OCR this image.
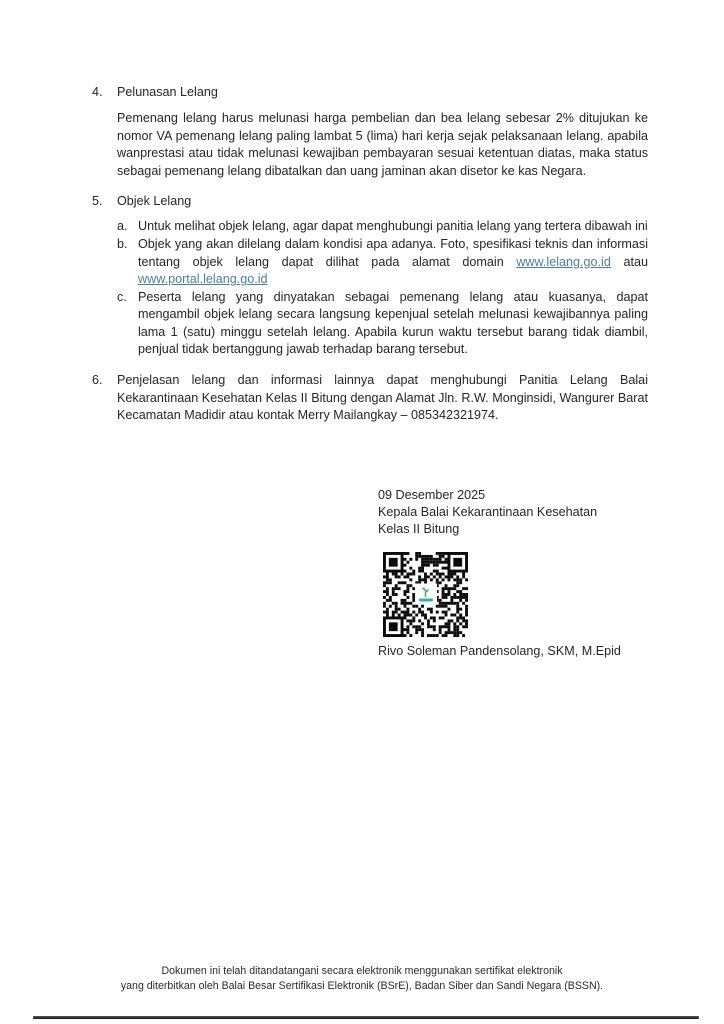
4.	Pelunasan Lelang
Pemenang lelang harus melunasi harga pembelian dan bea lelang sebesar 2% ditujukan ke nomor VA pemenang lelang paling lambat 5 (lima) hari kerja sejak pelaksanaan lelang. apabila wanprestasi atau tidak melunasi kewajiban pembayaran sesuai ketentuan diatas, maka status sebagai pemenang lelang dibatalkan dan uang jaminan akan disetor ke kas Negara.
5.	Objek Lelang
a. Untuk melihat objek lelang, agar dapat menghubungi panitia lelang yang tertera dibawah ini
b. Objek yang akan dilelang dalam kondisi apa adanya. Foto, spesifikasi teknis dan informasi tentang objek lelang dapat dilihat pada alamat domain www.lelang.go.id atau www.portal.lelang.go.id
c. Peserta lelang yang dinyatakan sebagai pemenang lelang atau kuasanya, dapat mengambil objek lelang secara langsung kepenjual setelah melunasi kewajibannya paling lama 1 (satu) minggu setelah lelang. Apabila kurun waktu tersebut barang tidak diambil, penjual tidak bertanggung jawab terhadap barang tersebut.
6.	Penjelasan lelang dan informasi lainnya dapat menghubungi Panitia Lelang Balai Kekarantinaan Kesehatan Kelas II Bitung dengan Alamat Jln. R.W. Monginsidi, Wangurer Barat Kecamatan Madidir atau kontak Merry Mailangkay – 085342321974.
09 Desember 2025
Kepala Balai Kekarantinaan Kesehatan
Kelas II Bitung
Rivo Soleman Pandensolang, SKM, M.Epid
Dokumen ini telah ditandatangani secara elektronik menggunakan sertifikat elektronik
yang diterbitkan oleh Balai Besar Sertifikasi Elektronik (BSrE), Badan Siber dan Sandi Negara (BSSN).
